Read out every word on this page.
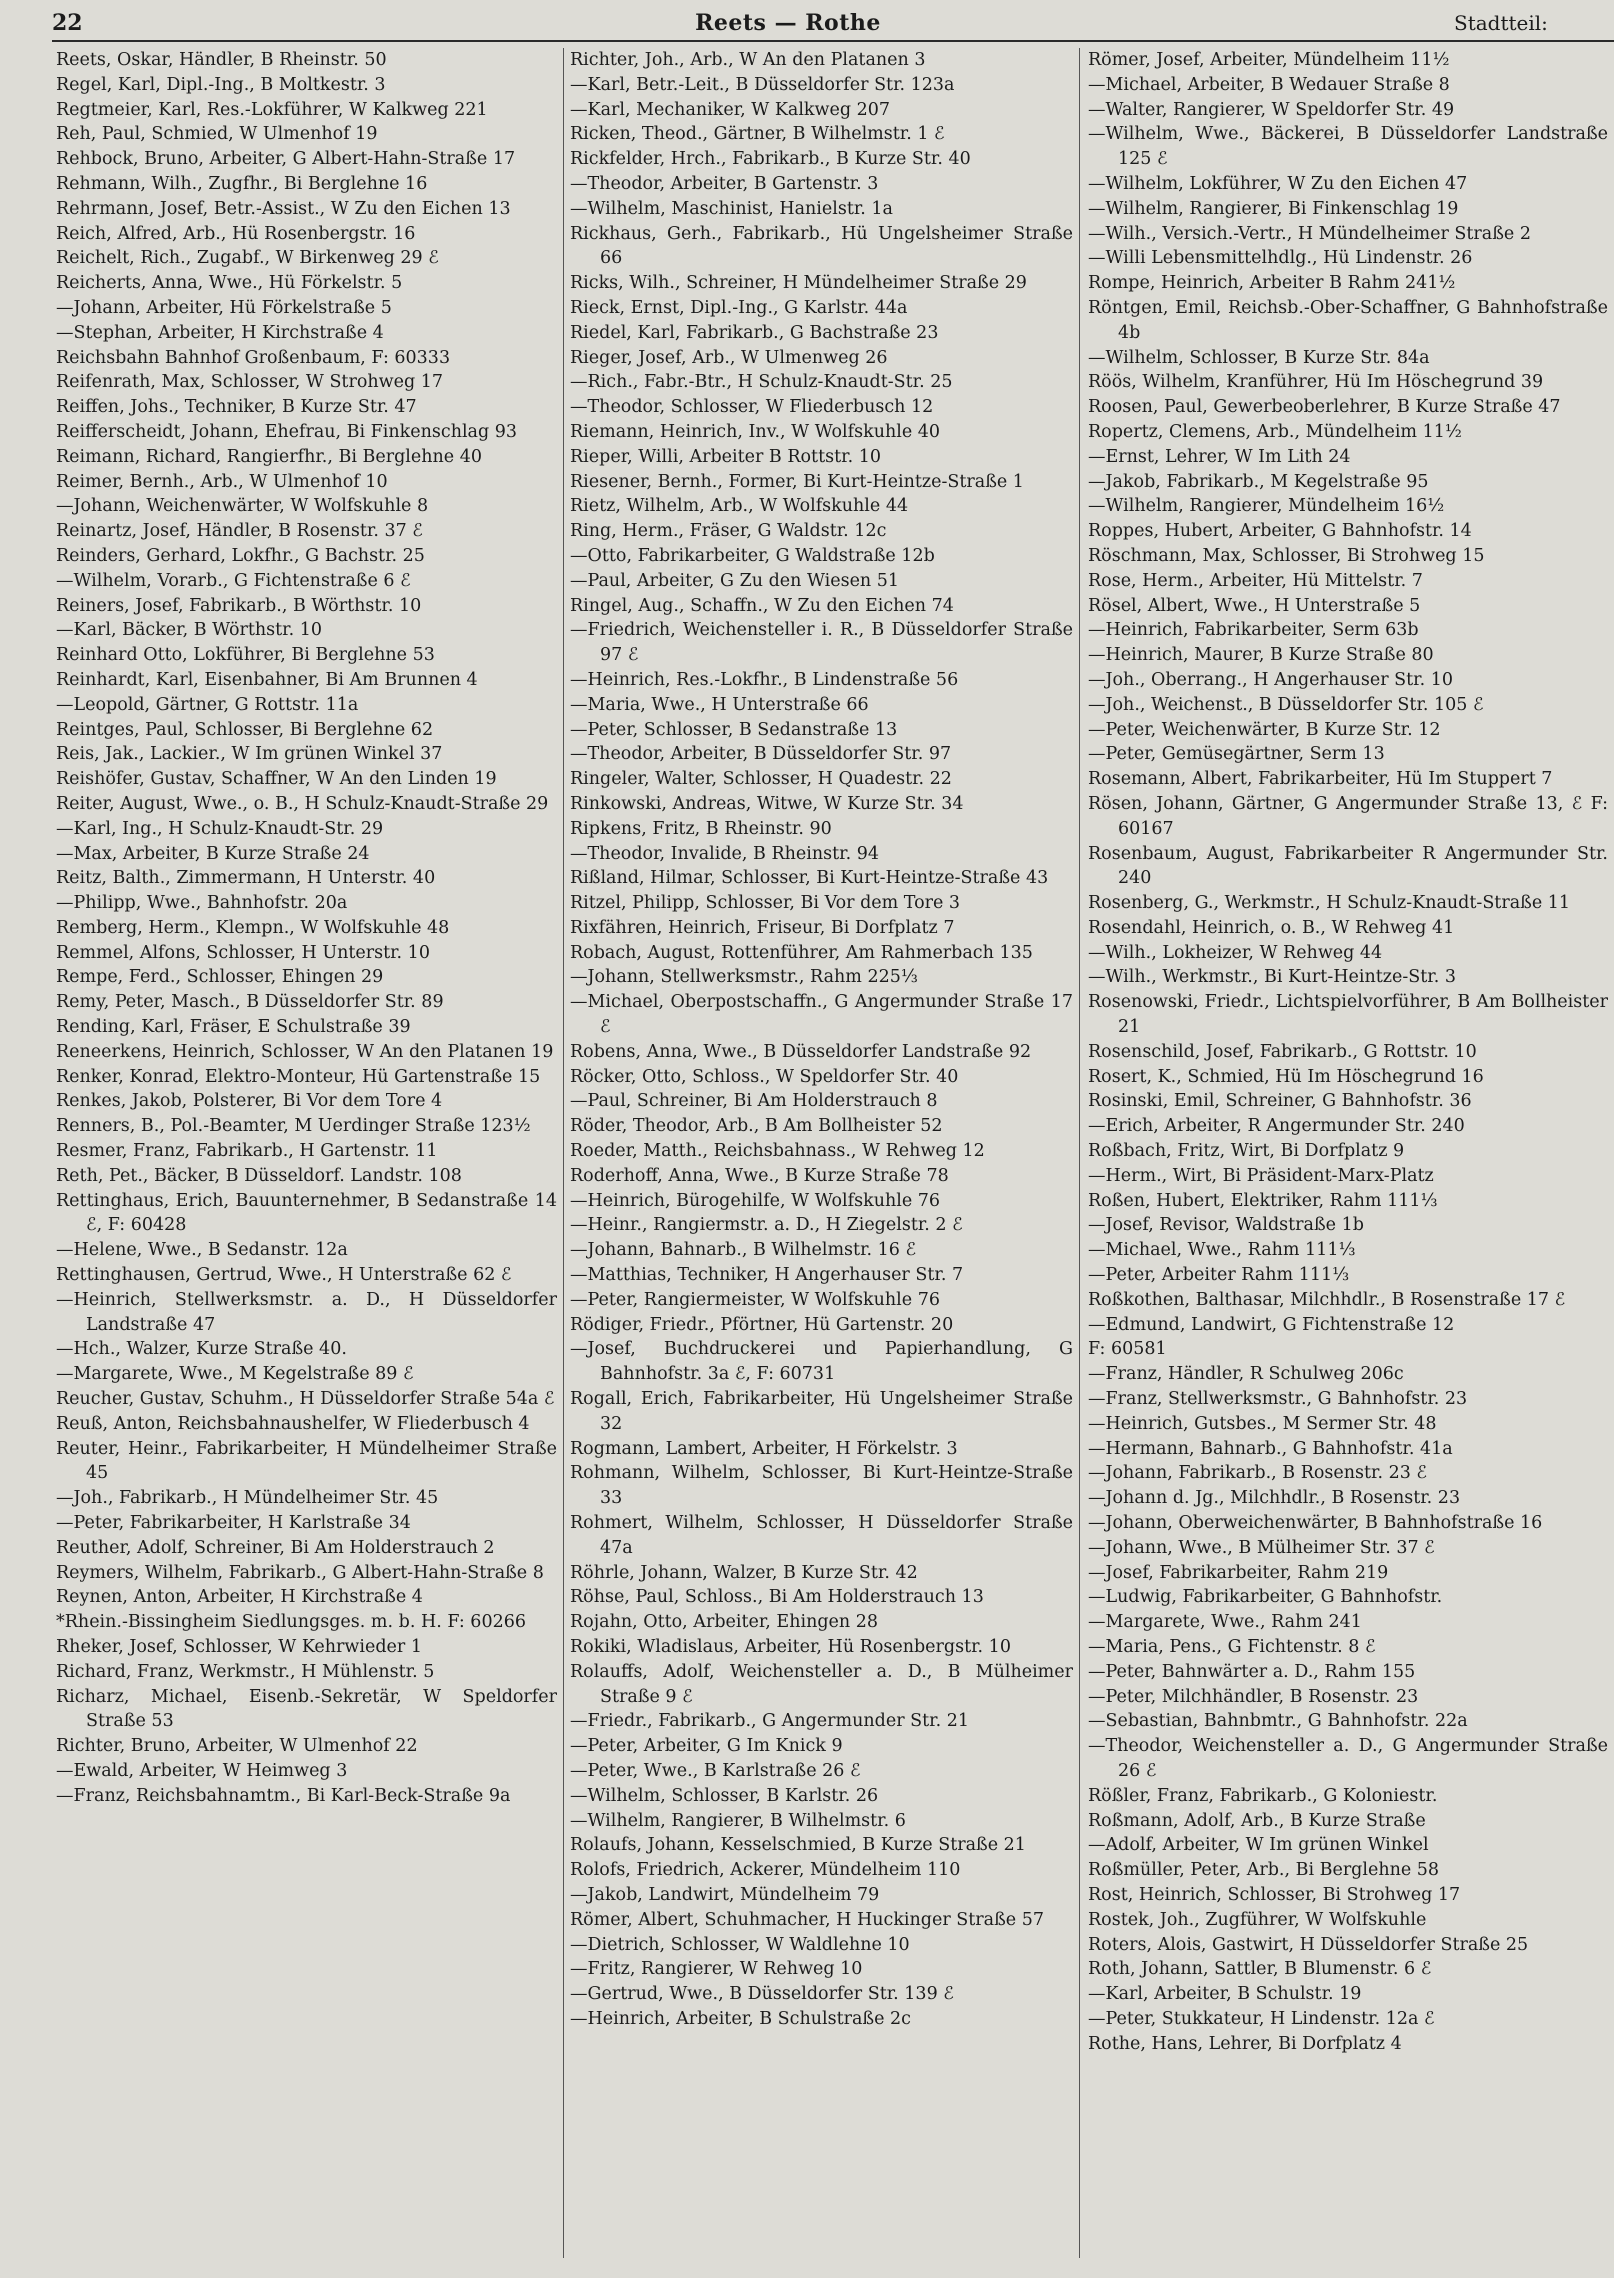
22	Reets — Rothe	Stadtteil:

Reets, Oskar, Händler, B Rheinstr. 50

Regel, Karl, Dipl.-Ing., B Moltkestr. 3

Regtmeier, Karl, Res.-Lokführer, W Kalkweg 221

Reh, Paul, Schmied, W Ulmenhof 19

Rehbock, Bruno, Arbeiter, G Albert-Hahn-Straße 17

Rehmann, Wilh., Zugfhr., Bi Berglehne 16

Rehrmann, Josef, Betr.-Assist., W Zu den Eichen 13

Reich, Alfred, Arb., Hü Rosenbergstr. 16

Reichelt, Rich., Zugabf., W Birkenweg 29 ℰ

Reicherts, Anna, Wwe., Hü Förkelstr. 5

—Johann, Arbeiter, Hü Förkelstraße 5

—Stephan, Arbeiter, H Kirchstraße 4

Reichsbahn Bahnhof Großenbaum, F: 60333

Reifenrath, Max, Schlosser, W Strohweg 17

Reiffen, Johs., Techniker, B Kurze Str. 47

Reifferscheidt, Johann, Ehefrau, Bi Finkenschlag 93

Reimann, Richard, Rangierfhr., Bi Berglehne 40

Reimer, Bernh., Arb., W Ulmenhof 10

—Johann, Weichenwärter, W Wolfskuhle 8

Reinartz, Josef, Händler, B Rosenstr. 37 ℰ

Reinders, Gerhard, Lokfhr., G Bachstr. 25

—Wilhelm, Vorarb., G Fichtenstraße 6 ℰ

Reiners, Josef, Fabrikarb., B Wörthstr. 10

—Karl, Bäcker, B Wörthstr. 10

Reinhard Otto, Lokführer, Bi Berglehne 53

Reinhardt, Karl, Eisenbahner, Bi Am Brunnen 4

—Leopold, Gärtner, G Rottstr. 11a

Reintges, Paul, Schlosser, Bi Berglehne 62

Reis, Jak., Lackier., W Im grünen Winkel 37

Reishöfer, Gustav, Schaffner, W An den Linden 19

Reiter, August, Wwe., o. B., H Schulz-Knaudt-Straße 29

—Karl, Ing., H Schulz-Knaudt-Str. 29

—Max, Arbeiter, B Kurze Straße 24

Reitz, Balth., Zimmermann, H Unterstr. 40

—Philipp, Wwe., Bahnhofstr. 20a

Remberg, Herm., Klempn., W Wolfskuhle 48

Remmel, Alfons, Schlosser, H Unterstr. 10

Rempe, Ferd., Schlosser, Ehingen 29

Remy, Peter, Masch., B Düsseldorfer Str. 89

Rending, Karl, Fräser, E Schulstraße 39

Reneerkens, Heinrich, Schlosser, W An den Platanen 19

Renker, Konrad, Elektro-Monteur, Hü Gartenstraße 15

Renkes, Jakob, Polsterer, Bi Vor dem Tore 4

Renners, B., Pol.-Beamter, M Uerdinger Straße 123½

Resmer, Franz, Fabrikarb., H Gartenstr. 11

Reth, Pet., Bäcker, B Düsseldorf. Landstr. 108

Rettinghaus, Erich, Bauunternehmer, B Sedanstraße 14 ℰ, F: 60428

—Helene, Wwe., B Sedanstr. 12a

Rettinghausen, Gertrud, Wwe., H Unterstraße 62 ℰ

—Heinrich, Stellwerksmstr. a. D., H Düsseldorfer Landstraße 47

—Hch., Walzer, Kurze Straße 40.

—Margarete, Wwe., M Kegelstraße 89 ℰ

Reucher, Gustav, Schuhm., H Düsseldorfer Straße 54a ℰ

Reuß, Anton, Reichsbahnaushelfer, W Fliederbusch 4

Reuter, Heinr., Fabrikarbeiter, H Mündelheimer Straße 45

—Joh., Fabrikarb., H Mündelheimer Str. 45

—Peter, Fabrikarbeiter, H Karlstraße 34

Reuther, Adolf, Schreiner, Bi Am Holderstrauch 2

Reymers, Wilhelm, Fabrikarb., G Albert-Hahn-Straße 8

Reynen, Anton, Arbeiter, H Kirchstraße 4

*Rhein.-Bissingheim Siedlungsges. m. b. H. F: 60266

Rheker, Josef, Schlosser, W Kehrwieder 1

Richard, Franz, Werkmstr., H Mühlenstr. 5

Richarz, Michael, Eisenb.-Sekretär, W Speldorfer Straße 53

Richter, Bruno, Arbeiter, W Ulmenhof 22

—Ewald, Arbeiter, W Heimweg 3

—Franz, Reichsbahnamtm., Bi Karl-Beck-Straße 9a

Richter, Joh., Arb., W An den Platanen 3

—Karl, Betr.-Leit., B Düsseldorfer Str. 123a

—Karl, Mechaniker, W Kalkweg 207

Ricken, Theod., Gärtner, B Wilhelmstr. 1 ℰ

Rickfelder, Hrch., Fabrikarb., B Kurze Str. 40

—Theodor, Arbeiter, B Gartenstr. 3

—Wilhelm, Maschinist, Hanielstr. 1a

Rickhaus, Gerh., Fabrikarb., Hü Ungelsheimer Straße 66

Ricks, Wilh., Schreiner, H Mündelheimer Straße 29

Rieck, Ernst, Dipl.-Ing., G Karlstr. 44a

Riedel, Karl, Fabrikarb., G Bachstraße 23

Rieger, Josef, Arb., W Ulmenweg 26

—Rich., Fabr.-Btr., H Schulz-Knaudt-Str. 25

—Theodor, Schlosser, W Fliederbusch 12

Riemann, Heinrich, Inv., W Wolfskuhle 40

Rieper, Willi, Arbeiter B Rottstr. 10

Riesener, Bernh., Former, Bi Kurt-Heintze-Straße 1

Rietz, Wilhelm, Arb., W Wolfskuhle 44

Ring, Herm., Fräser, G Waldstr. 12c

—Otto, Fabrikarbeiter, G Waldstraße 12b

—Paul, Arbeiter, G Zu den Wiesen 51

Ringel, Aug., Schaffn., W Zu den Eichen 74

—Friedrich, Weichensteller i. R., B Düsseldorfer Straße 97 ℰ

—Heinrich, Res.-Lokfhr., B Lindenstraße 56

—Maria, Wwe., H Unterstraße 66

—Peter, Schlosser, B Sedanstraße 13

—Theodor, Arbeiter, B Düsseldorfer Str. 97

Ringeler, Walter, Schlosser, H Quadestr. 22

Rinkowski, Andreas, Witwe, W Kurze Str. 34

Ripkens, Fritz, B Rheinstr. 90

—Theodor, Invalide, B Rheinstr. 94

Rißland, Hilmar, Schlosser, Bi Kurt-Heintze-Straße 43

Ritzel, Philipp, Schlosser, Bi Vor dem Tore 3

Rixfähren, Heinrich, Friseur, Bi Dorfplatz 7

Robach, August, Rottenführer, Am Rahmerbach 135

—Johann, Stellwerksmstr., Rahm 225⅓

—Michael, Oberpostschaffn., G Angermunder Straße 17 ℰ

Robens, Anna, Wwe., B Düsseldorfer Landstraße 92

Röcker, Otto, Schloss., W Speldorfer Str. 40

—Paul, Schreiner, Bi Am Holderstrauch 8

Röder, Theodor, Arb., B Am Bollheister 52

Roeder, Matth., Reichsbahnass., W Rehweg 12

Roderhoff, Anna, Wwe., B Kurze Straße 78

—Heinrich, Bürogehilfe, W Wolfskuhle 76

—Heinr., Rangiermstr. a. D., H Ziegelstr. 2 ℰ

—Johann, Bahnarb., B Wilhelmstr. 16 ℰ

—Matthias, Techniker, H Angerhauser Str. 7

—Peter, Rangiermeister, W Wolfskuhle 76

Rödiger, Friedr., Pförtner, Hü Gartenstr. 20

—Josef, Buchdruckerei und Papierhandlung, G Bahnhofstr. 3a ℰ, F: 60731

Rogall, Erich, Fabrikarbeiter, Hü Ungelsheimer Straße 32

Rogmann, Lambert, Arbeiter, H Förkelstr. 3

Rohmann, Wilhelm, Schlosser, Bi Kurt-Heintze-Straße 33

Rohmert, Wilhelm, Schlosser, H Düsseldorfer Straße 47a

Röhrle, Johann, Walzer, B Kurze Str. 42

Röhse, Paul, Schloss., Bi Am Holderstrauch 13

Rojahn, Otto, Arbeiter, Ehingen 28

Rokiki, Wladislaus, Arbeiter, Hü Rosenbergstr. 10

Rolauffs, Adolf, Weichensteller a. D., B Mülheimer Straße 9 ℰ

—Friedr., Fabrikarb., G Angermunder Str. 21

—Peter, Arbeiter, G Im Knick 9

—Peter, Wwe., B Karlstraße 26 ℰ

—Wilhelm, Schlosser, B Karlstr. 26

—Wilhelm, Rangierer, B Wilhelmstr. 6

Rolaufs, Johann, Kesselschmied, B Kurze Straße 21

Rolofs, Friedrich, Ackerer, Mündelheim 110

—Jakob, Landwirt, Mündelheim 79

Römer, Albert, Schuhmacher, H Huckinger Straße 57

—Dietrich, Schlosser, W Waldlehne 10

—Fritz, Rangierer, W Rehweg 10

—Gertrud, Wwe., B Düsseldorfer Str. 139 ℰ

—Heinrich, Arbeiter, B Schulstraße 2c

Römer, Josef, Arbeiter, Mündelheim 11½

—Michael, Arbeiter, B Wedauer Straße 8

—Walter, Rangierer, W Speldorfer Str. 49

—Wilhelm, Wwe., Bäckerei, B Düsseldorfer Landstraße 125 ℰ

—Wilhelm, Lokführer, W Zu den Eichen 47

—Wilhelm, Rangierer, Bi Finkenschlag 19

—Wilh., Versich.-Vertr., H Mündelheimer Straße 2

—Willi Lebensmittelhdlg., Hü Lindenstr. 26

Rompe, Heinrich, Arbeiter B Rahm 241½

Röntgen, Emil, Reichsb.-Ober-Schaffner, G Bahnhofstraße 4b

—Wilhelm, Schlosser, B Kurze Str. 84a

Röös, Wilhelm, Kranführer, Hü Im Höschegrund 39

Roosen, Paul, Gewerbeoberlehrer, B Kurze Straße 47

Ropertz, Clemens, Arb., Mündelheim 11½

—Ernst, Lehrer, W Im Lith 24

—Jakob, Fabrikarb., M Kegelstraße 95

—Wilhelm, Rangierer, Mündelheim 16½

Roppes, Hubert, Arbeiter, G Bahnhofstr. 14

Röschmann, Max, Schlosser, Bi Strohweg 15

Rose, Herm., Arbeiter, Hü Mittelstr. 7

Rösel, Albert, Wwe., H Unterstraße 5

—Heinrich, Fabrikarbeiter, Serm 63b

—Heinrich, Maurer, B Kurze Straße 80

—Joh., Oberrang., H Angerhauser Str. 10

—Joh., Weichenst., B Düsseldorfer Str. 105 ℰ

—Peter, Weichenwärter, B Kurze Str. 12

—Peter, Gemüsegärtner, Serm 13

Rosemann, Albert, Fabrikarbeiter, Hü Im Stuppert 7

Rösen, Johann, Gärtner, G Angermunder Straße 13, ℰ F: 60167

Rosenbaum, August, Fabrikarbeiter R Angermunder Str. 240

Rosenberg, G., Werkmstr., H Schulz-Knaudt-Straße 11

Rosendahl, Heinrich, o. B., W Rehweg 41

—Wilh., Lokheizer, W Rehweg 44

—Wilh., Werkmstr., Bi Kurt-Heintze-Str. 3

Rosenowski, Friedr., Lichtspielvorführer, B Am Bollheister 21

Rosenschild, Josef, Fabrikarb., G Rottstr. 10

Rosert, K., Schmied, Hü Im Höschegrund 16

Rosinski, Emil, Schreiner, G Bahnhofstr. 36

—Erich, Arbeiter, R Angermunder Str. 240

Roßbach, Fritz, Wirt, Bi Dorfplatz 9

—Herm., Wirt, Bi Präsident-Marx-Platz

Roßen, Hubert, Elektriker, Rahm 111⅓

—Josef, Revisor, Waldstraße 1b

—Michael, Wwe., Rahm 111⅓

—Peter, Arbeiter Rahm 111⅓

Roßkothen, Balthasar, Milchhdlr., B Rosenstraße 17 ℰ

—Edmund, Landwirt, G Fichtenstraße 12

F: 60581

—Franz, Händler, R Schulweg 206c

—Franz, Stellwerksmstr., G Bahnhofstr. 23

—Heinrich, Gutsbes., M Sermer Str. 48

—Hermann, Bahnarb., G Bahnhofstr. 41a

—Johann, Fabrikarb., B Rosenstr. 23 ℰ

—Johann d. Jg., Milchhdlr., B Rosenstr. 23

—Johann, Oberweichenwärter, B Bahnhofstraße 16

—Johann, Wwe., B Mülheimer Str. 37 ℰ

—Josef, Fabrikarbeiter, Rahm 219

—Ludwig, Fabrikarbeiter, G Bahnhofstr.

—Margarete, Wwe., Rahm 241

—Maria, Pens., G Fichtenstr. 8 ℰ

—Peter, Bahnwärter a. D., Rahm 155

—Peter, Milchhändler, B Rosenstr. 23

—Sebastian, Bahnbmtr., G Bahnhofstr. 22a

—Theodor, Weichensteller a. D., G Angermunder Straße 26 ℰ

Rößler, Franz, Fabrikarb., G Koloniestr.

Roßmann, Adolf, Arb., B Kurze Straße

—Adolf, Arbeiter, W Im grünen Winkel

Roßmüller, Peter, Arb., Bi Berglehne 58

Rost, Heinrich, Schlosser, Bi Strohweg 17

Rostek, Joh., Zugführer, W Wolfskuhle

Roters, Alois, Gastwirt, H Düsseldorfer Straße 25

Roth, Johann, Sattler, B Blumenstr. 6 ℰ

—Karl, Arbeiter, B Schulstr. 19

—Peter, Stukkateur, H Lindenstr. 12a ℰ

Rothe, Hans, Lehrer, Bi Dorfplatz 4
